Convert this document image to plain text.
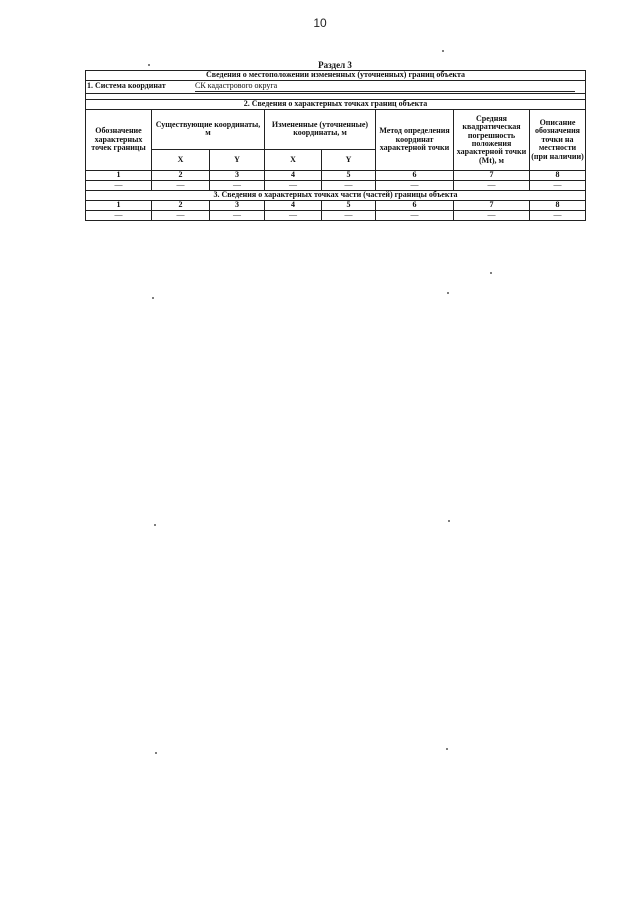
10
Раздел 3
Сведения о местоположении измененных (уточненных) границ объекта							
1. Система координат СК кадастрового округа							

2. Сведения о характерных точках границ объекта							
Обозначение характерных точек границы	Существующие координаты, м		Измененные (уточненные) координаты, м		Метод определения координат характерной точки	Средняя квадратическая погрешность положения характерной точки (Mt), м	Описание обозначения точки на местности (при наличии)
	X	Y	X	Y			
1	2	3	4	5	6	7	8
—	—	—	—	—	—	—	—
3. Сведения о характерных точках части (частей) границы объекта							
1	2	3	4	5	6	7	8
—	—	—	—	—	—	—	—
